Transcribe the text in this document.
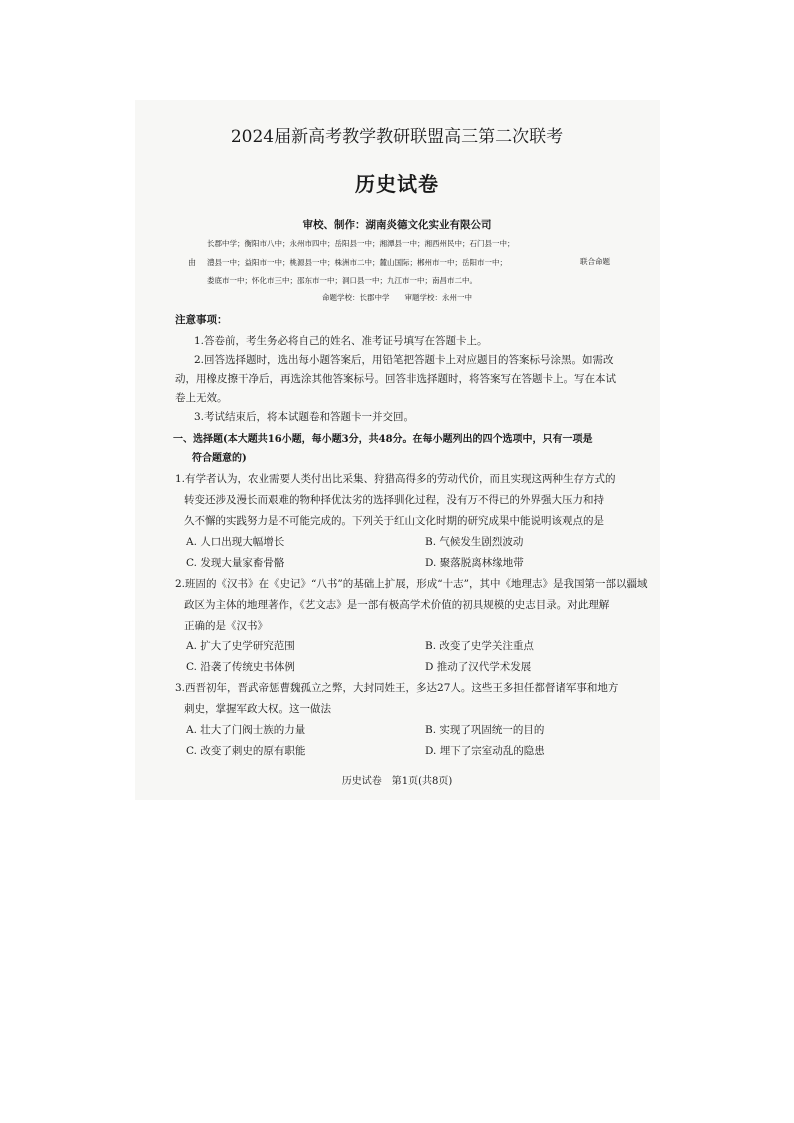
2024届新高考教学教研联盟高三第二次联考
历史试卷
审校、制作：湖南炎德文化实业有限公司
长郡中学；衡阳市八中；永州市四中；岳阳县一中；湘潭县一中；湘西州民中；石门县一中；
由 澧县一中；益阳市一中；桃源县一中；株洲市二中；麓山国际；郴州市一中；岳阳市一中；	联合命题
娄底市一中；怀化市三中；邵东市一中；洞口县一中；九江市一中；南昌市二中。
命题学校：长郡中学　　审题学校：永州一中
注意事项：
1.答卷前，考生务必将自己的姓名、准考证号填写在答题卡上。
2.回答选择题时，选出每小题答案后，用铅笔把答题卡上对应题目的答案标号涂黑。如需改
动，用橡皮擦干净后，再选涂其他答案标号。回答非选择题时，将答案写在答题卡上。写在本试
卷上无效。
3.考试结束后，将本试题卷和答题卡一并交回。
一、选择题(本大题共16小题，每小题3分，共48分。在每小题列出的四个选项中，只有一项是
符合题意的)
1.有学者认为，农业需要人类付出比采集、狩猎高得多的劳动代价，而且实现这两种生存方式的
转变还涉及漫长而艰难的物种择优汰劣的选择驯化过程，没有万不得已的外界强大压力和持
久不懈的实践努力是不可能完成的。下列关于红山文化时期的研究成果中能说明该观点的是
A. 人口出现大幅增长	B. 气候发生剧烈波动
C. 发现大量家畜骨骼	D. 聚落脱离林缘地带
2.班固的《汉书》在《史记》“八书”的基础上扩展，形成“十志”，其中《地理志》是我国第一部以疆域
政区为主体的地理著作，《艺文志》是一部有极高学术价值的初具规模的史志目录。对此理解
正确的是《汉书》
A. 扩大了史学研究范围	B. 改变了史学关注重点
C. 沿袭了传统史书体例	D 推动了汉代学术发展
3.西晋初年，晋武帝惩曹魏孤立之弊，大封同姓王，多达27人。这些王多担任都督诸军事和地方
刺史，掌握军政大权。这一做法
A. 壮大了门阀士族的力量	B. 实现了巩固统一的目的
C. 改变了刺史的原有职能	D. 埋下了宗室动乱的隐患
历史试卷　第1页(共8页)
